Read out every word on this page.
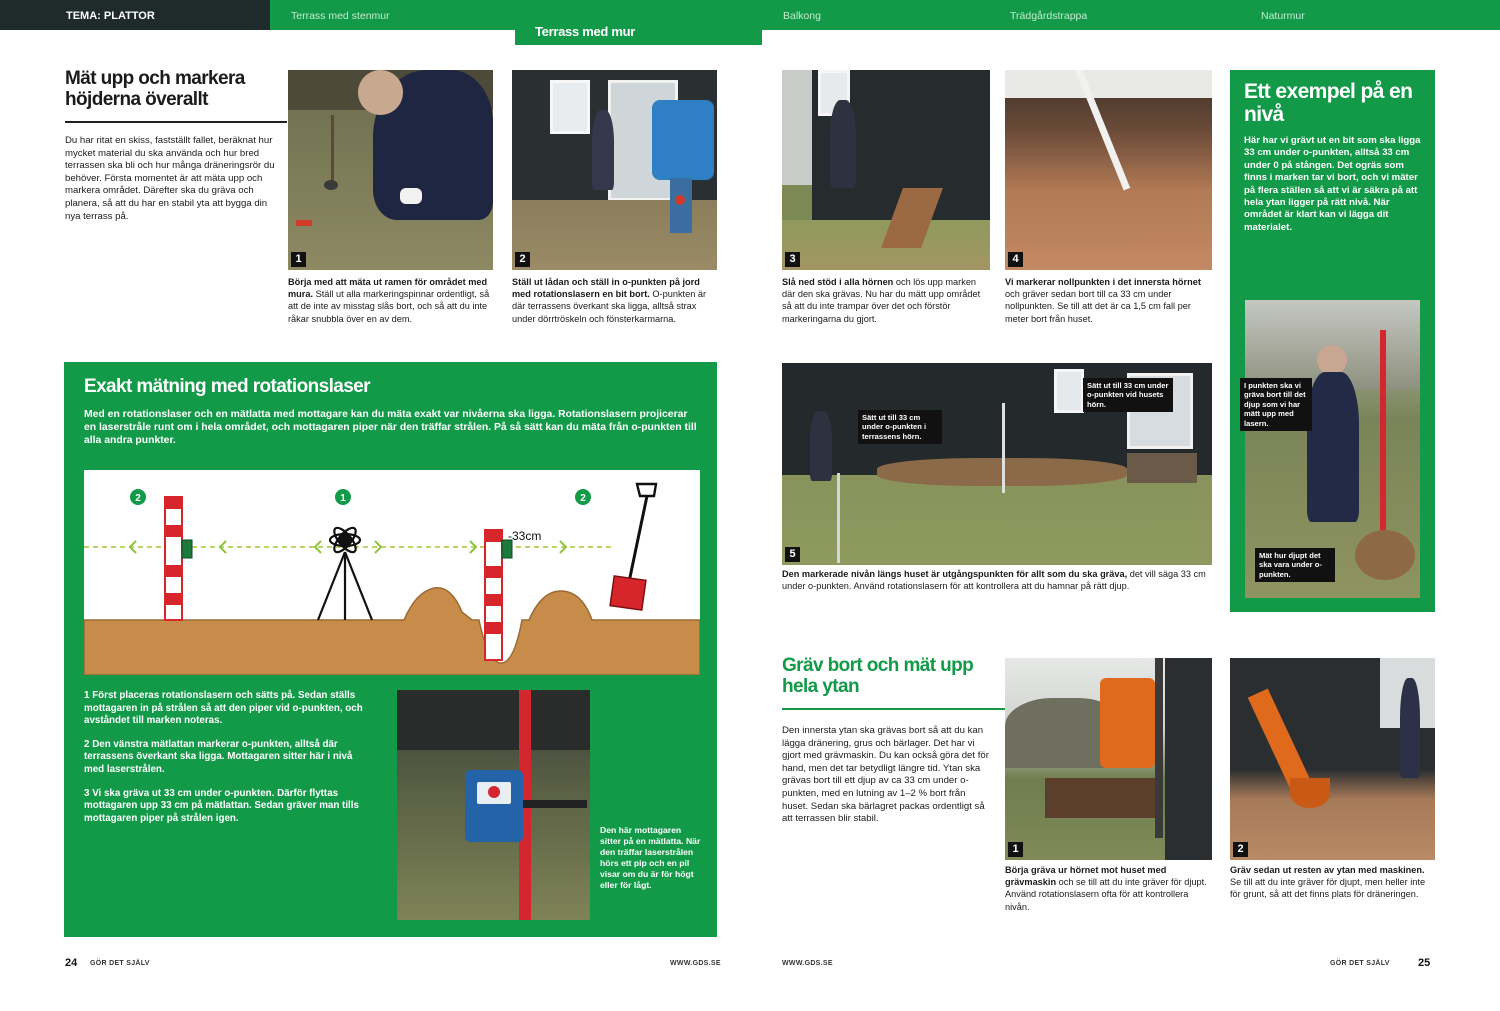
TEMA: PLATTOR	Terrass med stenmur
Terrass med mur
Balkong	Trädgårdstrappa	Naturmur
Mät upp och markera höjderna överallt

Du har ritat en skiss, fastställt fallet, beräknat hur mycket material du ska använda och hur bred terrassen ska bli och hur många dräneringsrör du behöver. Första momentet är att mäta upp och markera området. Därefter ska du gräva och planera, så att du har en stabil yta att bygga din nya terrass på.

1	2

Börja med att mäta ut ramen för området med mura. Ställ ut alla markeringspinnar ordentligt, så att de inte av misstag slås bort, och så att du inte råkar snubbla över en av dem.

Ställ ut lådan och ställ in o-punkten på jord med rotationslasern en bit bort. O-punkten är där terrassens överkant ska ligga, alltså strax under dörrtröskeln och fönsterkarmarna.

Exakt mätning med rotationslaser

Med en rotationslaser och en mätlatta med mottagare kan du mäta exakt var nivåerna ska ligga. Rotationslasern projicerar en laserstråle runt om i hela området, och mottagaren piper när den träffar strålen. På så sätt kan du mäta från o-punkten till alla andra punkter.

-33cm
2	1	2

1 Först placeras rotationslasern och sätts på. Sedan ställs mottagaren in på strålen så att den piper vid o-punkten, och avståndet till marken noteras.

2 Den vänstra mätlattan markerar o-punkten, alltså där terrassens överkant ska ligga. Mottagaren sitter här i nivå med laserstrålen.

3 Vi ska gräva ut 33 cm under o-punkten. Därför flyttas mottagaren upp 33 cm på mätlattan. Sedan gräver man tills mottagaren piper på strålen igen.

Den här mottagaren sitter på en mätlatta. När den träffar laserstrålen hörs ett pip och en pil visar om du är för högt eller för lågt.

24 GÖR DET SJÄLV	WWW.GDS.SE
3	4

Slå ned stöd i alla hörnen och lös upp marken där den ska grävas. Nu har du mätt upp området så att du inte trampar över det och förstör markeringarna du gjort.

Vi markerar nollpunkten i det innersta hörnet och gräver sedan bort till ca 33 cm under nollpunkten. Se till att det är ca 1,5 cm fall per meter bort från huset.

Sätt ut till 33 cm under o-punkten i terrassens hörn.
Sätt ut till 33 cm under o-punkten vid husets hörn.
5

Den markerade nivån längs huset är utgångspunkten för allt som du ska gräva, det vill säga 33 cm under o-punkten. Använd rotationslasern för att kontrollera att du hamnar på rätt djup.

Ett exempel på en nivå

Här har vi grävt ut en bit som ska ligga 33 cm under o-punkten, alltså 33 cm under 0 på stången. Det ogräs som finns i marken tar vi bort, och vi mäter på flera ställen så att vi är säkra på att hela ytan ligger på rätt nivå. När området är klart kan vi lägga dit materialet.

I punkten ska vi gräva bort till det djup som vi har mätt upp med lasern.
Mät hur djupt det ska vara under o-punkten.
Gräv bort och mät upp hela ytan

Den innersta ytan ska grävas bort så att du kan lägga dränering, grus och bärlager. Det har vi gjort med grävmaskin. Du kan också göra det för hand, men det tar betydligt längre tid. Ytan ska grävas bort till ett djup av ca 33 cm under o-punkten, med en lutning av 1–2 % bort från huset. Sedan ska bärlagret packas ordentligt så att terrassen blir stabil.

1	2

Börja gräva ur hörnet mot huset med grävmaskin och se till att du inte gräver för djupt. Använd rotationslasern ofta för att kontrollera nivån.

Gräv sedan ut resten av ytan med maskinen. Se till att du inte gräver för djupt, men heller inte för grunt, så att det finns plats för dräneringen.

WWW.GDS.SE	GÖR DET SJÄLV	25
